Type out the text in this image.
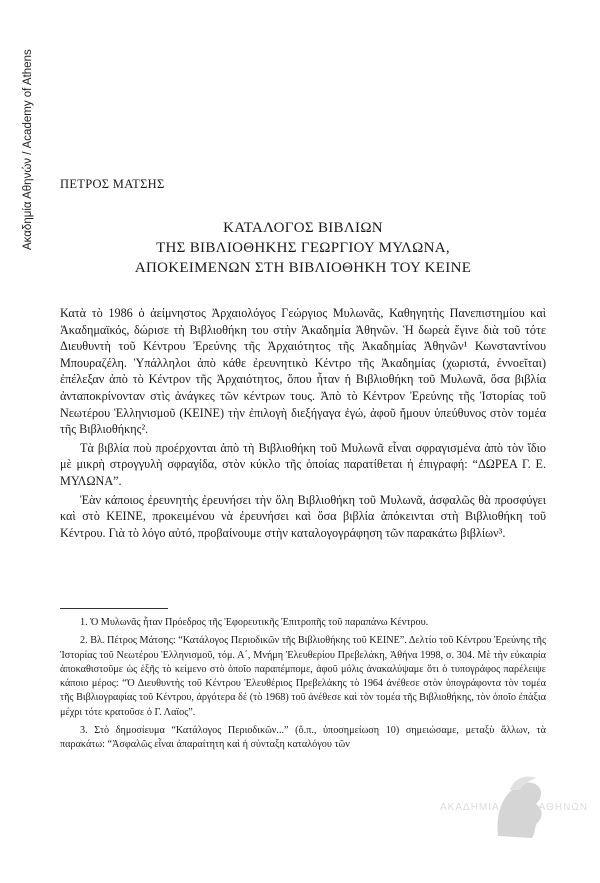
Ακαδημία Αθηνών / Academy of Athens ΠΕΤΡΟΣ ΜΑΤΣΗΣ
ΚΑΤΑΛΟΓΟΣ ΒΙΒΛΙΩΝ
ΤΗΣ ΒΙΒΛΙΟΘΗΚΗΣ ΓΕΩΡΓΙΟΥ ΜΥΛΩΝΑ,
ΑΠΟΚΕΙΜΕΝΩΝ ΣΤΗ ΒΙΒΛΙΟΘΗΚΗ ΤΟΥ ΚΕΙΝΕ

Κατὰ τὸ 1986 ὁ ἀείμνηστος Ἀρχαιολόγος Γεώργιος Μυλωνᾶς, Καθηγητὴς Πανεπιστημίου καὶ Ἀκαδημαϊκός, δώρισε τὴ Βιβλιοθήκη του στὴν Ἀκαδημία Ἀθηνῶν. Ἡ δωρεὰ ἔγινε διὰ τοῦ τότε Διευθυντὴ τοῦ Κέντρου Ἐρεύνης τῆς Ἀρχαιότητος τῆς Ἀκαδημίας Ἀθηνῶν¹ Κωνσταντίνου Μπουραζέλη. Ὑπάλληλοι ἀπὸ κάθε ἐρευνητικὸ Κέντρο τῆς Ἀκαδημίας (χωριστά, ἐννοεῖται) ἐπέλεξαν ἀπὸ τὸ Κέντρον τῆς Ἀρχαιότητος, ὅπου ἦταν ἡ Βιβλιοθήκη τοῦ Μυλωνᾶ, ὅσα βιβλία ἀνταποκρίνονταν στὶς ἀνάγκες τῶν κέντρων τους. Ἀπὸ τὸ Κέντρον Ἐρεύνης τῆς Ἱστορίας τοῦ Νεωτέρου Ἑλληνισμοῦ (ΚΕΙΝΕ) τὴν ἐπιλογὴ διεξήγαγα ἐγώ, ἀφοῦ ἤμουν ὑπεύθυνος στὸν τομέα τῆς Βιβλιοθήκης².

Τὰ βιβλία ποὺ προέρχονται ἀπὸ τὴ Βιβλιοθήκη τοῦ Μυλωνᾶ εἶναι σφραγισμένα ἀπὸ τὸν ἴδιο μὲ μικρὴ στρογγυλὴ σφραγίδα, στὸν κύκλο τῆς ὁποίας παρατίθεται ἡ ἐπιγραφή: “ΔΩΡΕΑ Γ. Ε. ΜΥΛΩΝΑ”.

Ἐὰν κάποιος ἐρευνητὴς ἐρευνήσει τὴν ὅλη Βιβλιοθήκη τοῦ Μυλωνᾶ, ἀσφαλῶς θὰ προσφύγει καὶ στὸ ΚΕΙΝΕ, προκειμένου νὰ ἐρευνήσει καὶ ὅσα βιβλία ἀπόκεινται στὴ Βιβλιοθήκη τοῦ Κέντρου. Γιὰ τὸ λόγο αὐτό, προβαίνουμε στὴν καταλογογράφηση τῶν παρακάτω βιβλίων³.

1. Ὁ Μυλωνᾶς ἦταν Πρόεδρος τῆς Ἐφορευτικῆς Ἐπιτροπῆς τοῦ παραπάνω Κέντρου.

2. Βλ. Πέτρος Μάτσης: “Κατάλογος Περιοδικῶν τῆς Βιβλιοθήκης τοῦ ΚΕΙΝΕ”. Δελτίο τοῦ Κέντρου Ἐρεύνης τῆς Ἱστορίας τοῦ Νεωτέρου Ἑλληνισμοῦ, τόμ. Α΄, Μνήμη Ἐλευθερίου Πρεβελάκη, Ἀθήνα 1998, σ. 304. Μὲ τὴν εὐκαιρία ἀποκαθιστοῦμε ὡς ἑξῆς τὸ κείμενο στὸ ὁποῖο παραπέμπομε, ἀφοῦ μόλις ἀνακαλύψαμε ὅτι ὁ τυπογράφος παρέλειψε κάποιο μέρος: “Ὁ Διευθυντὴς τοῦ Κέντρου Ἐλευθέριος Πρεβελάκης τὸ 1964 ἀνέθεσε στὸν ὑπογράφοντα τὸν τομέα τῆς Βιβλιογραφίας τοῦ Κέντρου, ἀργότερα δέ (τὸ 1968) τοῦ ἀνέθεσε καὶ τὸν τομέα τῆς Βιβλιοθήκης, τὸν ὁποῖο ἐπάξια μέχρι τότε κρατοῦσε ὁ Γ. Λαϊος”.

3. Στὸ δημοσίευμα “Κατάλογος Περιοδικῶν...” (ὅ.π., ὑποσημείωση 10) σημειώσαμε, μεταξὺ ἄλλων, τὰ παρακάτω: “Ἀσφαλῶς εἶναι ἀπαραίτητη καὶ ἡ σύνταξη καταλόγου τῶν

ΑΚΑΔΗΜΙΑ	ΑΘΗΝΩΝ
